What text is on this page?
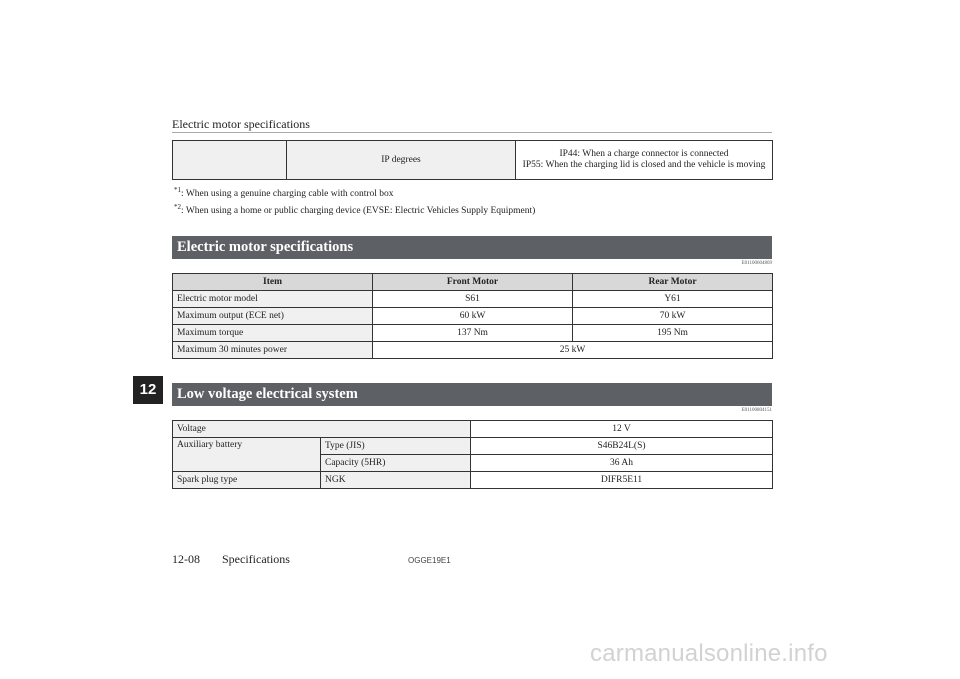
Electric motor specifications
	IP degrees	
IP44: When a charge connector is connected
IP55: When the charging lid is closed and the vehicle is moving
$^{*1}$: When using a genuine charging cable with control box
$^{*2}$: When using a home or public charging device (EVSE: Electric Vehicles Supply Equipment)
Electric motor specifications
E01100604869
Item	Front Motor	Rear Motor
Electric motor model	S61	Y61
Maximum output (ECE net)	60 kW	70 kW
Maximum torque	137 Nm	195 Nm
Maximum 30 minutes power	25 kW	
12	Low voltage electrical system
E01100804151
Voltage		12 V
Auxiliary battery	Type (JIS)	S46B24L(S)
	Capacity (5HR)	36 Ah
Spark plug type	NGK	DIFR5E11
12-08 Specifications	OGGE19E1
carmanualsonline.info
